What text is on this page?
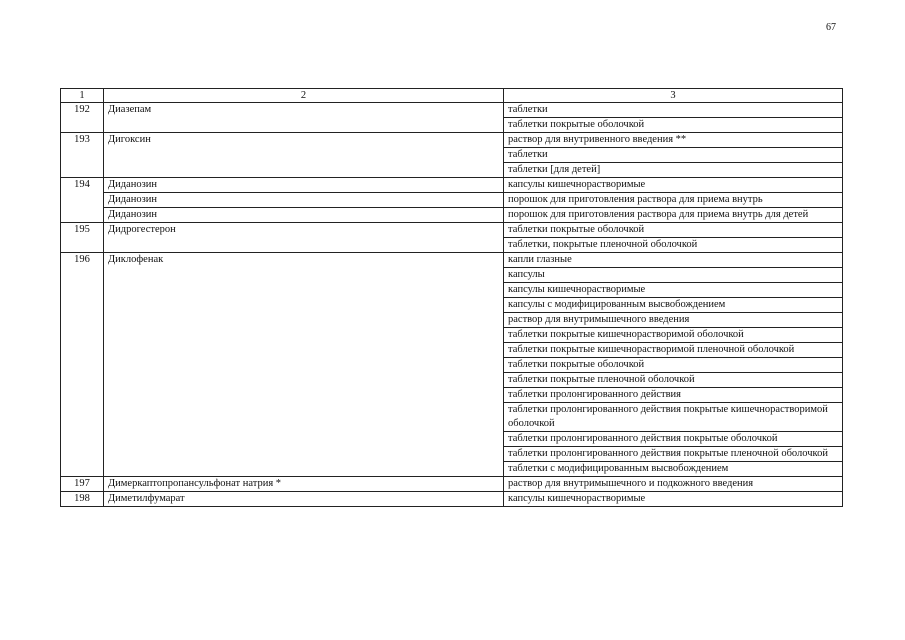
67
1	2	3
192	Диазепам	таблетки
		таблетки покрытые оболочкой
193	Дигоксин	раствор для внутривенного введения **
		таблетки
		таблетки [для детей]
194	Диданозин	капсулы кишечнорастворимые
	Диданозин	порошок для приготовления раствора для приема внутрь
	Диданозин	порошок для приготовления раствора для приема внутрь для детей
195	Дидрогестерон	таблетки покрытые оболочкой
		таблетки, покрытые пленочной оболочкой
196	Диклофенак	капли глазные
		капсулы
		капсулы кишечнорастворимые
		капсулы с модифицированным высвобождением
		раствор для внутримышечного введения
		таблетки покрытые кишечнорастворимой оболочкой
		таблетки покрытые кишечнорастворимой пленочной оболочкой
		таблетки покрытые оболочкой
		таблетки покрытые пленочной оболочкой
		таблетки пролонгированного действия
		таблетки пролонгированного действия покрытые кишечнорастворимой оболочкой
		таблетки пролонгированного действия покрытые оболочкой
		таблетки пролонгированного действия покрытые пленочной оболочкой
		таблетки с модифицированным высвобождением
197	Димеркаптопропансульфонат натрия *	раствор для внутримышечного и подкожного введения
198	Диметилфумарат	капсулы кишечнорастворимые
